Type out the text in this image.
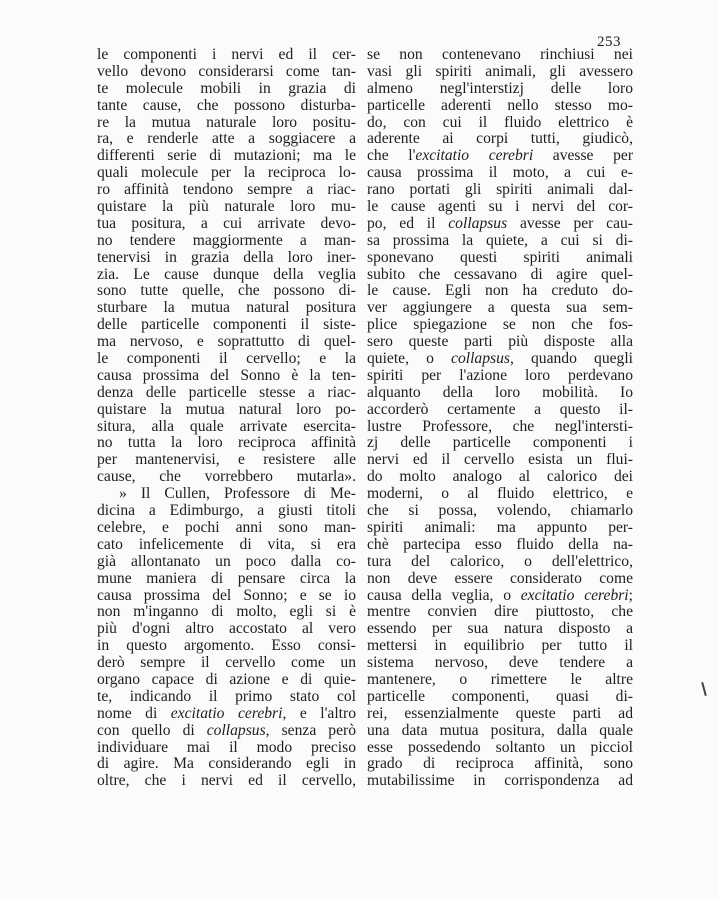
253
le componenti i nervi ed il cer-
vello devono considerarsi come tan-
te molecule mobili in grazia di
tante cause, che possono disturba-
re la mutua naturale loro positu-
ra, e renderle atte a soggiacere a
differenti serie di mutazioni; ma le
quali molecule per la reciproca lo-
ro affinità tendono sempre a riac-
quistare la più naturale loro mu-
tua positura, a cui arrivate devo-
no tendere maggiormente a man-
tenervisi in grazia della loro iner-
zia. Le cause dunque della veglia
sono tutte quelle, che possono di-
sturbare la mutua natural positura
delle particelle componenti il siste-
ma nervoso, e soprattutto di quel-
le componenti il cervello; e la
causa prossima del Sonno è la ten-
denza delle particelle stesse a riac-
quistare la mutua natural loro po-
situra, alla quale arrivate esercita-
no tutta la loro reciproca affinità
per mantenervisi, e resistere alle
cause, che vorrebbero mutarla».
» Il Cullen, Professore di Me-
dicina a Edimburgo, a giusti titoli
celebre, e pochi anni sono man-
cato infelicemente di vita, si era
già allontanato un poco dalla co-
mune maniera di pensare circa la
causa prossima del Sonno; e se io
non m'inganno di molto, egli si è
più d'ogni altro accostato al vero
in questo argomento. Esso consi-
derò sempre il cervello come un
organo capace di azione e di quie-
te, indicando il primo stato col
nome di excitatio cerebri, e l'altro
con quello di collapsus, senza però
individuare mai il modo preciso
di agire. Ma considerando egli in
oltre, che i nervi ed il cervello,
se non contenevano rinchiusi nei
vasi gli spiriti animali, gli avessero
almeno negl'interstizj delle loro
particelle aderenti nello stesso mo-
do, con cui il fluido elettrico è
aderente ai corpi tutti, giudicò,
che l'excitatio cerebri avesse per
causa prossima il moto, a cui e-
rano portati gli spiriti animali dal-
le cause agenti su i nervi del cor-
po, ed il collapsus avesse per cau-
sa prossima la quiete, a cui si di-
sponevano questi spiriti animali
subito che cessavano di agire quel-
le cause. Egli non ha creduto do-
ver aggiungere a questa sua sem-
plice spiegazione se non che fos-
sero queste parti più disposte alla
quiete, o collapsus, quando quegli
spiriti per l'azione loro perdevano
alquanto della loro mobilità. Io
accorderò certamente a questo il-
lustre Professore, che negl'intersti-
zj delle particelle componenti i
nervi ed il cervello esista un flui-
do molto analogo al calorico dei
moderni, o al fluido elettrico, e
che si possa, volendo, chiamarlo
spiriti animali: ma appunto per-
chè partecipa esso fluido della na-
tura del calorico, o dell'elettrico,
non deve essere considerato come
causa della veglia, o excitatio cerebri;
mentre convien dire piuttosto, che
essendo per sua natura disposto a
mettersi in equilibrio per tutto il
sistema nervoso, deve tendere a
mantenere, o rimettere le altre
particelle componenti, quasi di-
rei, essenzialmente queste parti ad
una data mutua positura, dalla quale
esse possedendo soltanto un picciol
grado di reciproca affinità, sono
mutabilissime in corrispondenza ad
